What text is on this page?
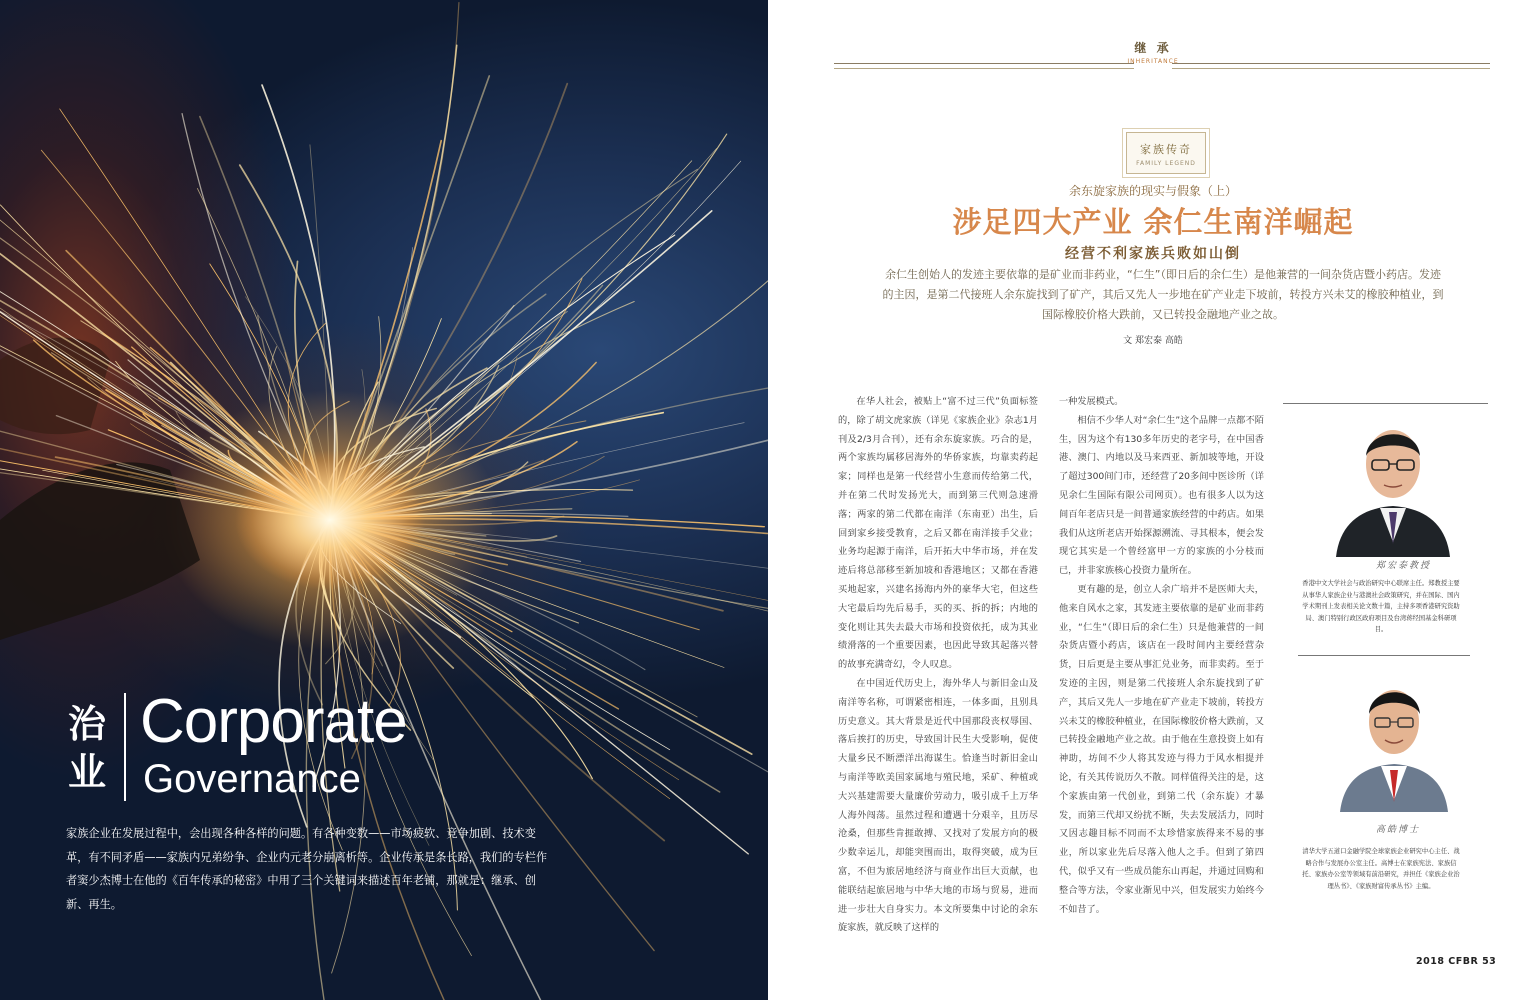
治
业
Corporate
Governance

家族企业在发展过程中，会出现各种各样的问题。有各种变数——市场疲软、竞争加剧、技术变革，有不同矛盾——家族内兄弟纷争、企业内元老分崩离析等。企业传承是条长路，我们的专栏作者窦少杰博士在他的《百年传承的秘密》中用了三个关键词来描述百年老铺，那就是：继承、创新、再生。

继 承
INHERITANCE
家族传奇
FAMILY LEGEND
余东旋家族的现实与假象（上）
涉足四大产业 余仁生南洋崛起
经营不利家族兵败如山倒
余仁生创始人的发迹主要依靠的是矿业而非药业，“仁生”（即日后的余仁生）是他兼营的一间杂货店暨小药店。发迹的主因，是第二代接班人余东旋找到了矿产，其后又先人一步地在矿产业走下坡前，转投方兴未艾的橡胶种植业，到国际橡胶价格大跌前，又已转投金融地产业之故。
文 郑宏泰 高皓

在华人社会，被贴上“富不过三代”负面标签的，除了胡文虎家族（详见《家族企业》杂志1月刊及2/3月合刊），还有余东旋家族。巧合的是，两个家族均属移居海外的华侨家族，均靠卖药起家；同样也是第一代经营小生意而传给第二代，并在第二代时发扬光大，而到第三代则急速滑落；两家的第二代都在南洋（东南亚）出生，后回到家乡接受教育，之后又都在南洋接手父业；业务均起源于南洋，后开拓大中华市场，并在发迹后将总部移至新加坡和香港地区；又都在香港买地起家，兴建名扬海内外的豪华大宅，但这些大宅最后均先后易手，买的买、拆的拆；内地的变化则让其失去最大市场和投资依托，成为其业绩滑落的一个重要因素，也因此导致其起落兴替的故事充满奇幻，令人叹息。

在中国近代历史上，海外华人与新旧金山及南洋等名称，可谓紧密相连，一体多面，且别具历史意义。其大背景是近代中国那段丧权辱国、落后挨打的历史，导致国计民生大受影响，促使大量乡民不断漂洋出海谋生。恰逢当时新旧金山与南洋等欧美国家属地与殖民地，采矿、种植或大兴基建需要大量廉价劳动力，吸引成千上万华人海外闯荡。虽然过程和遭遇十分艰辛，且历尽沧桑，但那些肯捱敢搏、又找对了发展方向的极少数幸运儿，却能突围而出，取得突破，成为巨富，不但为旅居地经济与商业作出巨大贡献，也能联结起旅居地与中华大地的市场与贸易，进而进一步壮大自身实力。本文所要集中讨论的余东旋家族，就反映了这样的

一种发展模式。

相信不少华人对“余仁生”这个品牌一点都不陌生，因为这个有130多年历史的老字号，在中国香港、澳门、内地以及马来西亚、新加坡等地，开设了超过300间门市，还经营了20多间中医诊所（详见余仁生国际有限公司网页）。也有很多人以为这间百年老店只是一间普通家族经营的中药店。如果我们从这所老店开始探源溯流、寻其根本，便会发现它其实是一个曾经富甲一方的家族的小分枝而已，并非家族核心投资力量所在。

更有趣的是，创立人余广培并不是医师大夫，他来自风水之家，其发迹主要依靠的是矿业而非药业，“仁生”（即日后的余仁生）只是他兼营的一间杂货店暨小药店，该店在一段时间内主要经营杂货，日后更是主要从事汇兑业务，而非卖药。至于发迹的主因，则是第二代接班人余东旋找到了矿产，其后又先人一步地在矿产业走下坡前，转投方兴未艾的橡胶种植业，在国际橡胶价格大跌前，又已转投金融地产业之故。由于他在生意投资上如有神助，坊间不少人将其发迹与得力于风水相提并论，有关其传说历久不散。同样值得关注的是，这个家族由第一代创业，到第二代（余东旋）才暴发，而第三代却又纷扰不断，失去发展活力，同时又因志趣目标不同而不太珍惜家族得来不易的事业，所以家业先后尽落入他人之手。但到了第四代，似乎又有一些成员能东山再起，并通过回购和整合等方法，令家业渐见中兴，但发展实力始终今不如昔了。

郑宏泰教授
香港中文大学社会与政治研究中心联席主任。郑教授主要从事华人家族企业与港澳社会政策研究，并在国际、国内学术期刊上发表相关论文数十篇，主持多项香港研究资助局、澳门特别行政区政府项目及台湾蒋经国基金科研项目。
高皓博士
清华大学五道口金融学院全球家族企业研究中心主任、战略合作与发展办公室主任。高博士在家族宪法、家族信托、家族办公室等领域有前沿研究，并担任《家族企业治理丛书》、《家族财富传承丛书》主编。
2018 CFBR 53
